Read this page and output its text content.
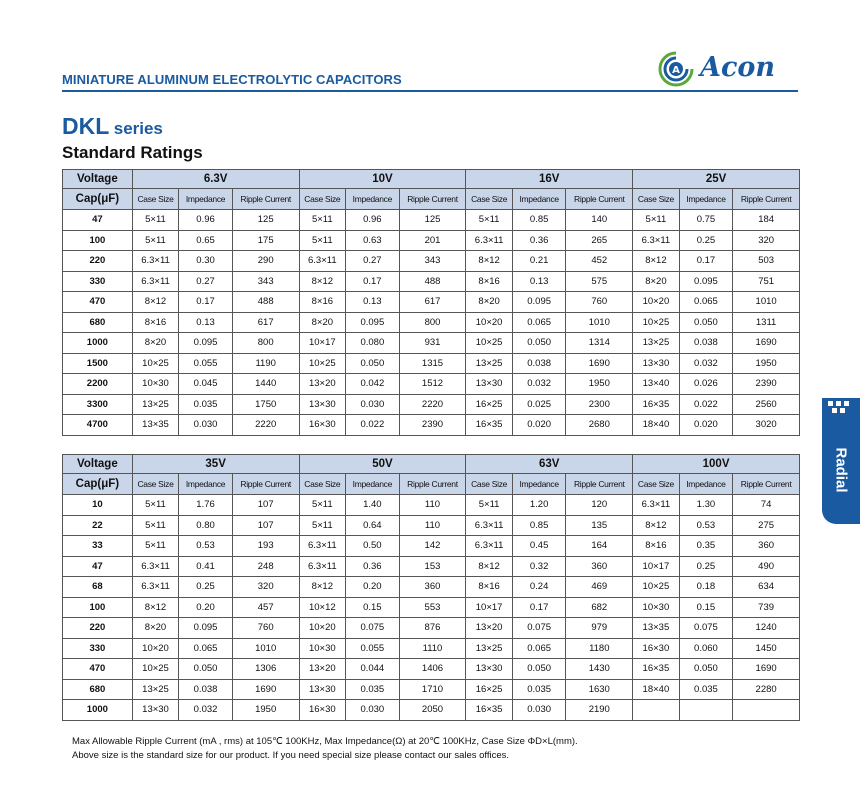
MINIATURE ALUMINUM ELECTROLYTIC CAPACITORS
A Acon
DKL series
Standard Ratings
Voltage	6.3V			10V			16V			25V		
Cap(μF)	Case Size	Impedance	Ripple Current	Case Size	Impedance	Ripple Current	Case Size	Impedance	Ripple Current	Case Size	Impedance	Ripple Current
47	5×11	0.96	125	5×11	0.96	125	5×11	0.85	140	5×11	0.75	184
100	5×11	0.65	175	5×11	0.63	201	6.3×11	0.36	265	6.3×11	0.25	320
220	6.3×11	0.30	290	6.3×11	0.27	343	8×12	0.21	452	8×12	0.17	503
330	6.3×11	0.27	343	8×12	0.17	488	8×16	0.13	575	8×20	0.095	751
470	8×12	0.17	488	8×16	0.13	617	8×20	0.095	760	10×20	0.065	1010
680	8×16	0.13	617	8×20	0.095	800	10×20	0.065	1010	10×25	0.050	1311
1000	8×20	0.095	800	10×17	0.080	931	10×25	0.050	1314	13×25	0.038	1690
1500	10×25	0.055	1190	10×25	0.050	1315	13×25	0.038	1690	13×30	0.032	1950
2200	10×30	0.045	1440	13×20	0.042	1512	13×30	0.032	1950	13×40	0.026	2390
3300	13×25	0.035	1750	13×30	0.030	2220	16×25	0.025	2300	16×35	0.022	2560
4700	13×35	0.030	2220	16×30	0.022	2390	16×35	0.020	2680	18×40	0.020	3020
Voltage	35V			50V			63V			100V		
Cap(μF)	Case Size	Impedance	Ripple Current	Case Size	Impedance	Ripple Current	Case Size	Impedance	Ripple Current	Case Size	Impedance	Ripple Current
10	5×11	1.76	107	5×11	1.40	110	5×11	1.20	120	6.3×11	1.30	74
22	5×11	0.80	107	5×11	0.64	110	6.3×11	0.85	135	8×12	0.53	275
33	5×11	0.53	193	6.3×11	0.50	142	6.3×11	0.45	164	8×16	0.35	360
47	6.3×11	0.41	248	6.3×11	0.36	153	8×12	0.32	360	10×17	0.25	490
68	6.3×11	0.25	320	8×12	0.20	360	8×16	0.24	469	10×25	0.18	634
100	8×12	0.20	457	10×12	0.15	553	10×17	0.17	682	10×30	0.15	739
220	8×20	0.095	760	10×20	0.075	876	13×20	0.075	979	13×35	0.075	1240
330	10×20	0.065	1010	10×30	0.055	1110	13×25	0.065	1180	16×30	0.060	1450
470	10×25	0.050	1306	13×20	0.044	1406	13×30	0.050	1430	16×35	0.050	1690
680	13×25	0.038	1690	13×30	0.035	1710	16×25	0.035	1630	18×40	0.035	2280
1000	13×30	0.032	1950	16×30	0.030	2050	16×35	0.030	2190			
Max Allowable Ripple Current (mA , rms) at 105℃ 100KHz, Max Impedance(Ω) at 20℃ 100KHz, Case Size ΦD×L(mm).
Above size is the standard size for our product. If you need special size please contact our sales offices.
Radial
